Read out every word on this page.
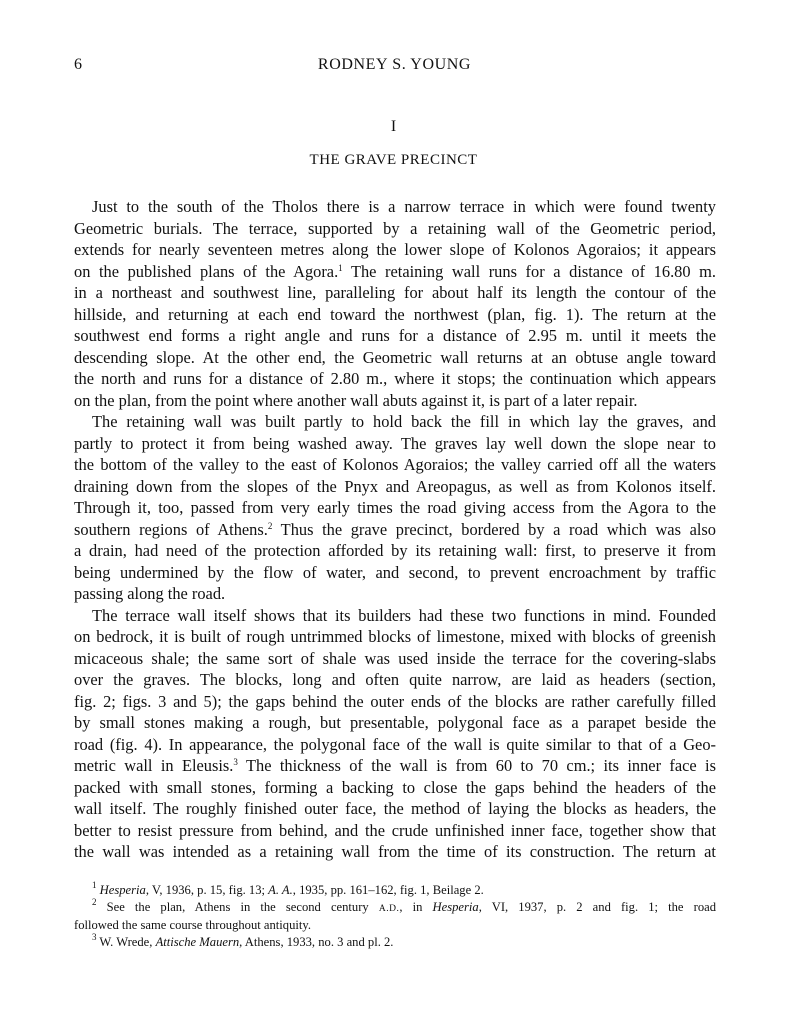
6	RODNEY S. YOUNG
I
THE GRAVE PRECINCT
Just to the south of the Tholos there is a narrow terrace in which were found twenty
Geometric burials. The terrace, supported by a retaining wall of the Geometric period,
extends for nearly seventeen metres along the lower slope of Kolonos Agoraios; it appears
on the published plans of the Agora.$^1$ The retaining wall runs for a distance of 16.80 m.
in a northeast and southwest line, paralleling for about half its length the contour of the
hillside, and returning at each end toward the northwest (plan, fig. 1). The return at the
southwest end forms a right angle and runs for a distance of 2.95 m. until it meets the
descending slope. At the other end, the Geometric wall returns at an obtuse angle toward
the north and runs for a distance of 2.80 m., where it stops; the continuation which appears
on the plan, from the point where another wall abuts against it, is part of a later repair.
The retaining wall was built partly to hold back the fill in which lay the graves, and
partly to protect it from being washed away. The graves lay well down the slope near to
the bottom of the valley to the east of Kolonos Agoraios; the valley carried off all the waters
draining down from the slopes of the Pnyx and Areopagus, as well as from Kolonos itself.
Through it, too, passed from very early times the road giving access from the Agora to the
southern regions of Athens.$^2$ Thus the grave precinct, bordered by a road which was also
a drain, had need of the protection afforded by its retaining wall: first, to preserve it from
being undermined by the flow of water, and second, to prevent encroachment by traffic
passing along the road.
The terrace wall itself shows that its builders had these two functions in mind. Founded
on bedrock, it is built of rough untrimmed blocks of limestone, mixed with blocks of greenish
micaceous shale; the same sort of shale was used inside the terrace for the covering-slabs
over the graves. The blocks, long and often quite narrow, are laid as headers (section,
fig. 2; figs. 3 and 5); the gaps behind the outer ends of the blocks are rather carefully filled
by small stones making a rough, but presentable, polygonal face as a parapet beside the
road (fig. 4). In appearance, the polygonal face of the wall is quite similar to that of a Geo-
metric wall in Eleusis.$^3$ The thickness of the wall is from 60 to 70 cm.; its inner face is
packed with small stones, forming a backing to close the gaps behind the headers of the
wall itself. The roughly finished outer face, the method of laying the blocks as headers, the
better to resist pressure from behind, and the crude unfinished inner face, together show that
the wall was intended as a retaining wall from the time of its construction. The return at
$^1$ Hesperia, V, 1936, p. 15, fig. 13; A. A., 1935, pp. 161–162, fig. 1, Beilage 2.
$^2$ See the plan, Athens in the second century A.D., in Hesperia, VI, 1937, p. 2 and fig. 1; the road
followed the same course throughout antiquity.
$^3$ W. Wrede, Attische Mauern, Athens, 1933, no. 3 and pl. 2.
